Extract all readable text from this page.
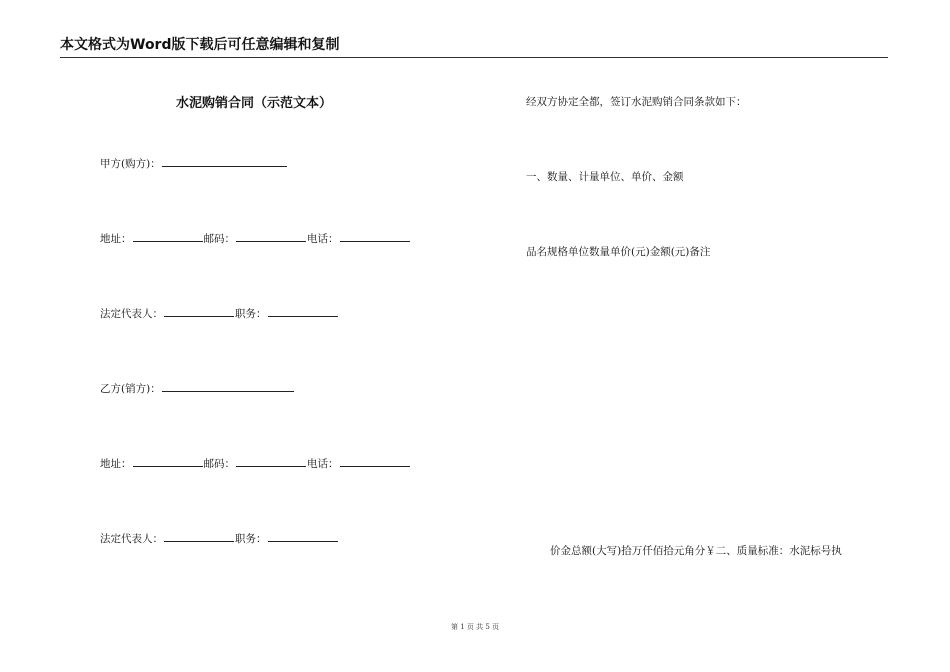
本文格式为Word版下载后可任意编辑和复制
水泥购销合同（示范文本）
甲方(购方)：
地址：	邮码：	电话：
法定代表人：	职务：
乙方(销方)：
地址：	邮码：	电话：
法定代表人：	职务：
经双方协定全都，签订水泥购销合同条款如下：
一、数量、计量单位、单价、金额
品名规格单位数量单价(元)金额(元)备注
价金总额(大写)拾万仟佰拾元角分￥二、质量标准：水泥标号执
第 1 页 共 5 页
